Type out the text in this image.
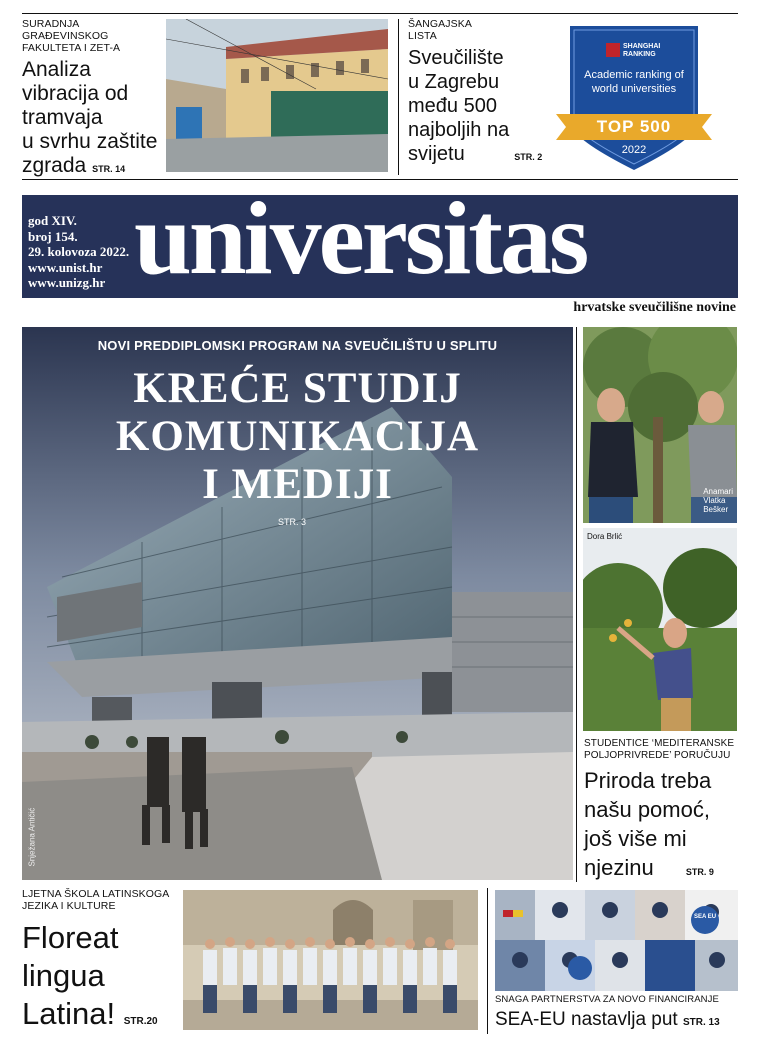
SURADNJA GRAĐEVINSKOG FAKULTETA I ZET-A
Analiza
vibracija od
tramvaja
u svrhu zaštite
zgrada STR. 14
ŠANGAJSKA
LISTA
Sveučilište
u Zagrebu
među 500
najboljih na
svijetu	STR. 2
SHANGHAI
RANKING
Academic ranking of
world universities
TOP 500
2022
god XIV.
broj 154.
29. kolovoza 2022.
www.unist.hr
www.unizg.hr universitas
hrvatske sveučilišne novine
NOVI PREDDIPLOMSKI PROGRAM NA SVEUČILIŠTU U SPLITU
KREĆE STUDIJ
KOMUNIKACIJA
I MEDIJI
STR. 3
Snježana Antičić
Anamari
Vlatka
Bešker
Dora Brlić
STUDENTICE ‘MEDITERANSKE
POLJOPRIVREDE’ PORUČUJU
Priroda treba
našu pomoć,
još više mi
njezinu	STR. 9
LJETNA ŠKOLA LATINSKOGA
JEZIKA I KULTURE
Floreat
lingua
Latina! STR.20
SEA EU
SNAGA PARTNERSTVA ZA NOVO FINANCIRANJE
SEA-EU nastavlja put STR. 13
